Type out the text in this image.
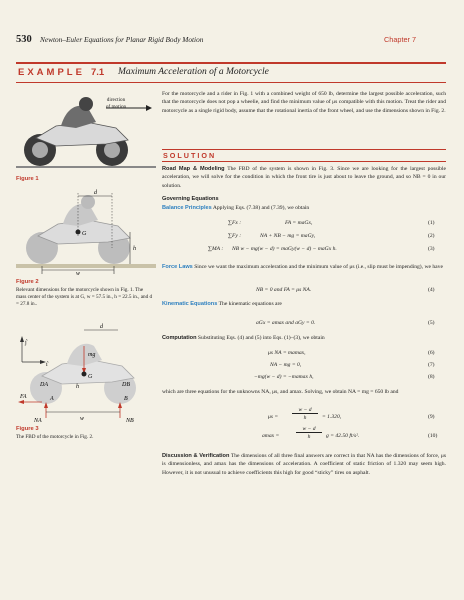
530 Newton–Euler Equations for Planar Rigid Body Motion	Chapter 7
EXAMPLE 7.1 Maximum Acceleration of a Motorcycle
direction
of motion
Figure 1
d
G
h
w
Figure 2
Relevant dimensions for the motorcycle shown in Fig. 1. The mass center of the system is at G, w = 57.5 in., h = 22.5 in., and d = 27.8 in..
ȷ̂
ı̂
d
mg
G
h
DA
FA	A	B
DB
NA	w	NB
Figure 3
The FBD of the motorcycle in Fig. 2.
For the motorcycle and a rider in Fig. 1 with a combined weight of 650 lb, determine the largest possible acceleration, such that the motorcycle does not pop a wheelie, and find the minimum value of μs compatible with this motion. Treat the rider and motorcycle as a single rigid body, assume that the rotational inertia of the front wheel, and use the dimensions shown in Fig. 2.
SOLUTION
Road Map & Modeling The FBD of the system is shown in Fig. 3. Since we are looking for the largest possible acceleration, we will solve for the condition in which the front tire is just about to leave the ground, and so NB = 0 in our solution.
Governing Equations
Balance Principles Applying Eqs. (7.38) and (7.39), we obtain
∑Fx :	FA = maGx,	(1)
∑Fy :	NA + NB − mg = maGy,	(2)
∑MA : NB w − mg(w − d) = maGy(w − d) − maGx h.	(3)
Force Laws Since we want the maximum acceleration and the minimum value of μs (i.e., slip must be impending), we have
NB = 0 and FA = μs NA.	(4)
Kinematic Equations The kinematic equations are
aGx = amax and aGy = 0.	(5)
Computation Substituting Eqs. (4) and (5) into Eqs. (1)–(3), we obtain
μs NA = mamax,	(6)
NA − mg = 0,	(7)
−mg(w − d) = −mamax h,	(8)
which are three equations for the unknowns NA, μs, and amax. Solving, we obtain NA = mg = 650 lb and
μs =
w − d
h	= 1.320,	(9)
amax =
w − d
h	g = 42.50 ft/s².	(10)
Discussion & Verification The dimensions of all three final answers are correct in that NA has the dimensions of force, μs is dimensionless, and amax has the dimensions of acceleration. A coefficient of static friction of 1.320 may seem high. However, it is not unusual to achieve coefficients this high for good “sticky” tires on asphalt.
